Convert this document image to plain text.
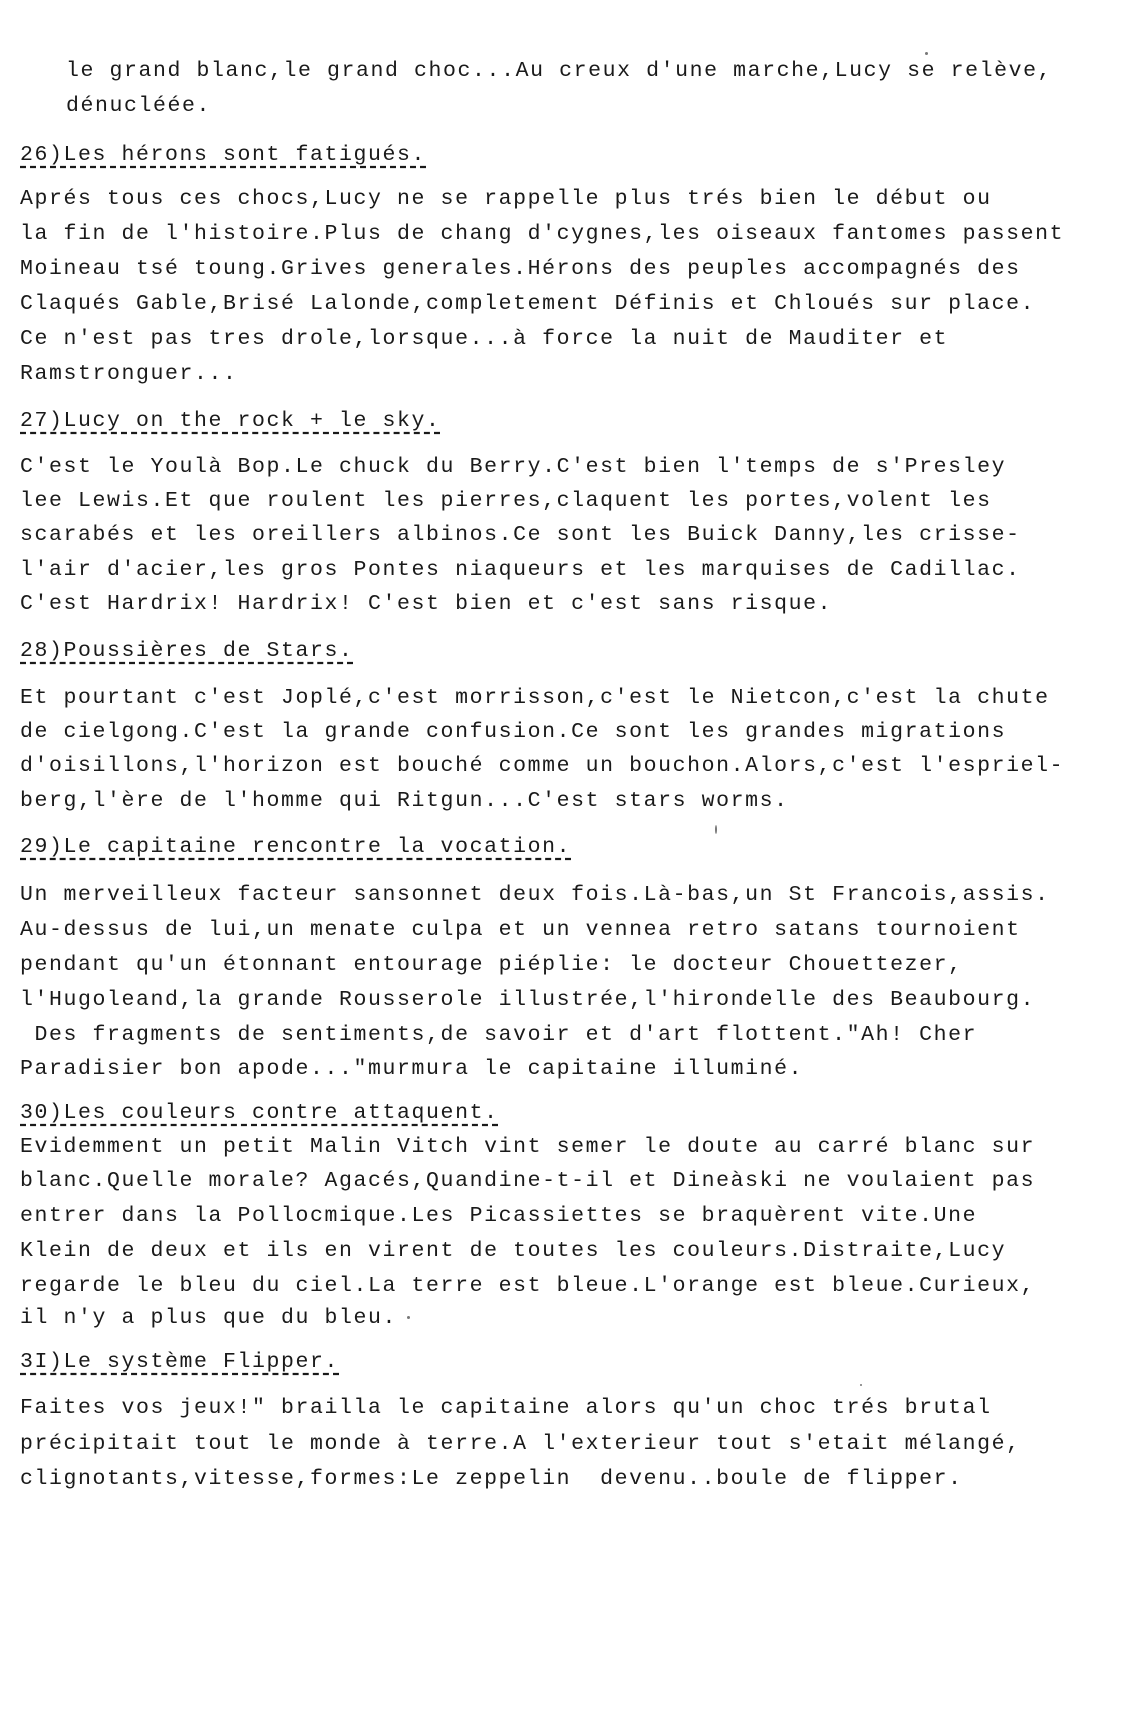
le grand blanc,le grand choc...Au creux d'une marche,Lucy se relève,
dénucléée.
26)Les hérons sont fatigués.
Aprés tous ces chocs,Lucy ne se rappelle plus trés bien le début ou
la fin de l'histoire.Plus de chang d'cygnes,les oiseaux fantomes passent
Moineau tsé toung.Grives generales.Hérons des peuples accompagnés des
Claqués Gable,Brisé Lalonde,completement Définis et Chloués sur place.
Ce n'est pas tres drole,lorsque...à force la nuit de Mauditer et
Ramstronguer...
27)Lucy on the rock + le sky.
C'est le Youlà Bop.Le chuck du Berry.C'est bien l'temps de s'Presley
lee Lewis.Et que roulent les pierres,claquent les portes,volent les
scarabés et les oreillers albinos.Ce sont les Buick Danny,les crisse-
l'air d'acier,les gros Pontes niaqueurs et les marquises de Cadillac.
C'est Hardrix! Hardrix! C'est bien et c'est sans risque.
28)Poussières de Stars.
Et pourtant c'est Joplé,c'est morrisson,c'est le Nietcon,c'est la chute
de cielgong.C'est la grande confusion.Ce sont les grandes migrations
d'oisillons,l'horizon est bouché comme un bouchon.Alors,c'est l'espriel-
berg,l'ère de l'homme qui Ritgun...C'est stars worms.
29)Le capitaine rencontre la vocation.
Un merveilleux facteur sansonnet deux fois.Là-bas,un St Francois,assis.
Au-dessus de lui,un menate culpa et un vennea retro satans tournoient
pendant qu'un étonnant entourage piéplie: le docteur Chouettezer,
l'Hugoleand,la grande Rousserole illustrée,l'hirondelle des Beaubourg.
Des fragments de sentiments,de savoir et d'art flottent."Ah! Cher
Paradisier bon apode..."murmura le capitaine illuminé.
30)Les couleurs contre attaquent.
Evidemment un petit Malin Vitch vint semer le doute au carré blanc sur
blanc.Quelle morale? Agacés,Quandine-t-il et Dineàski ne voulaient pas
entrer dans la Pollocmique.Les Picassiettes se braquèrent vite.Une
Klein de deux et ils en virent de toutes les couleurs.Distraite,Lucy
regarde le bleu du ciel.La terre est bleue.L'orange est bleue.Curieux,
il n'y a plus que du bleu.
3I)Le système Flipper.
Faites vos jeux!" brailla le capitaine alors qu'un choc trés brutal
précipitait tout le monde à terre.A l'exterieur tout s'etait mélangé,
clignotants,vitesse,formes:Le zeppelin  devenu..boule de flipper.
